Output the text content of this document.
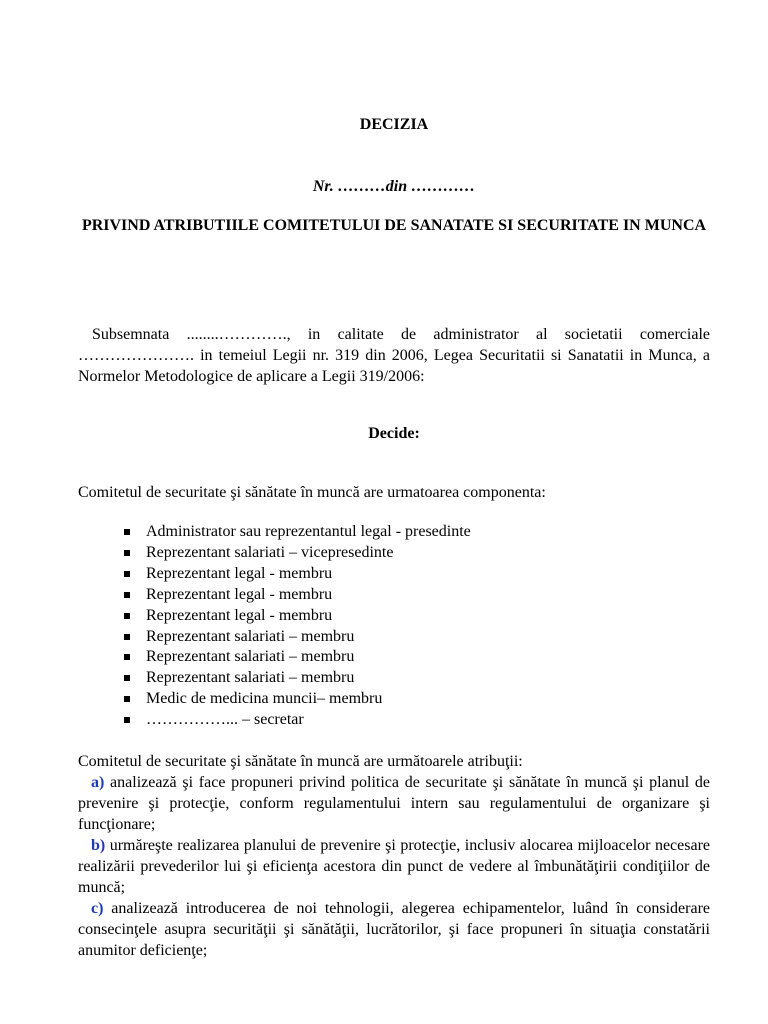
DECIZIA
Nr. ………din …………
PRIVIND ATRIBUTIILE COMITETULUI DE SANATATE SI SECURITATE IN MUNCA

Subsemnata ........…………., in calitate de administrator al societatii comerciale …………………. in temeiul Legii nr. 319 din 2006, Legea Securitatii si Sanatatii in Munca, a Normelor Metodologice de aplicare a Legii 319/2006:

Decide:

Comitetul de securitate şi sănătate în muncă are urmatoarea componenta:

Administrator sau reprezentantul legal - presedinte
Reprezentant salariati – vicepresedinte
Reprezentant legal - membru
Reprezentant legal - membru
Reprezentant legal - membru
Reprezentant salariati – membru
Reprezentant salariati – membru
Reprezentant salariati – membru
Medic de medicina muncii– membru
……………... – secretar

Comitetul de securitate şi sănătate în muncă are următoarele atribuţii:

a) analizează şi face propuneri privind politica de securitate şi sănătate în muncă şi planul de prevenire şi protecţie, conform regulamentului intern sau regulamentului de organizare şi funcţionare;

b) urmăreşte realizarea planului de prevenire şi protecţie, inclusiv alocarea mijloacelor necesare realizării prevederilor lui şi eficienţa acestora din punct de vedere al îmbunătăţirii condiţiilor de muncă;

c) analizează introducerea de noi tehnologii, alegerea echipamentelor, luând în considerare consecinţele asupra securităţii şi sănătăţii, lucrătorilor, şi face propuneri în situaţia constatării anumitor deficienţe;
